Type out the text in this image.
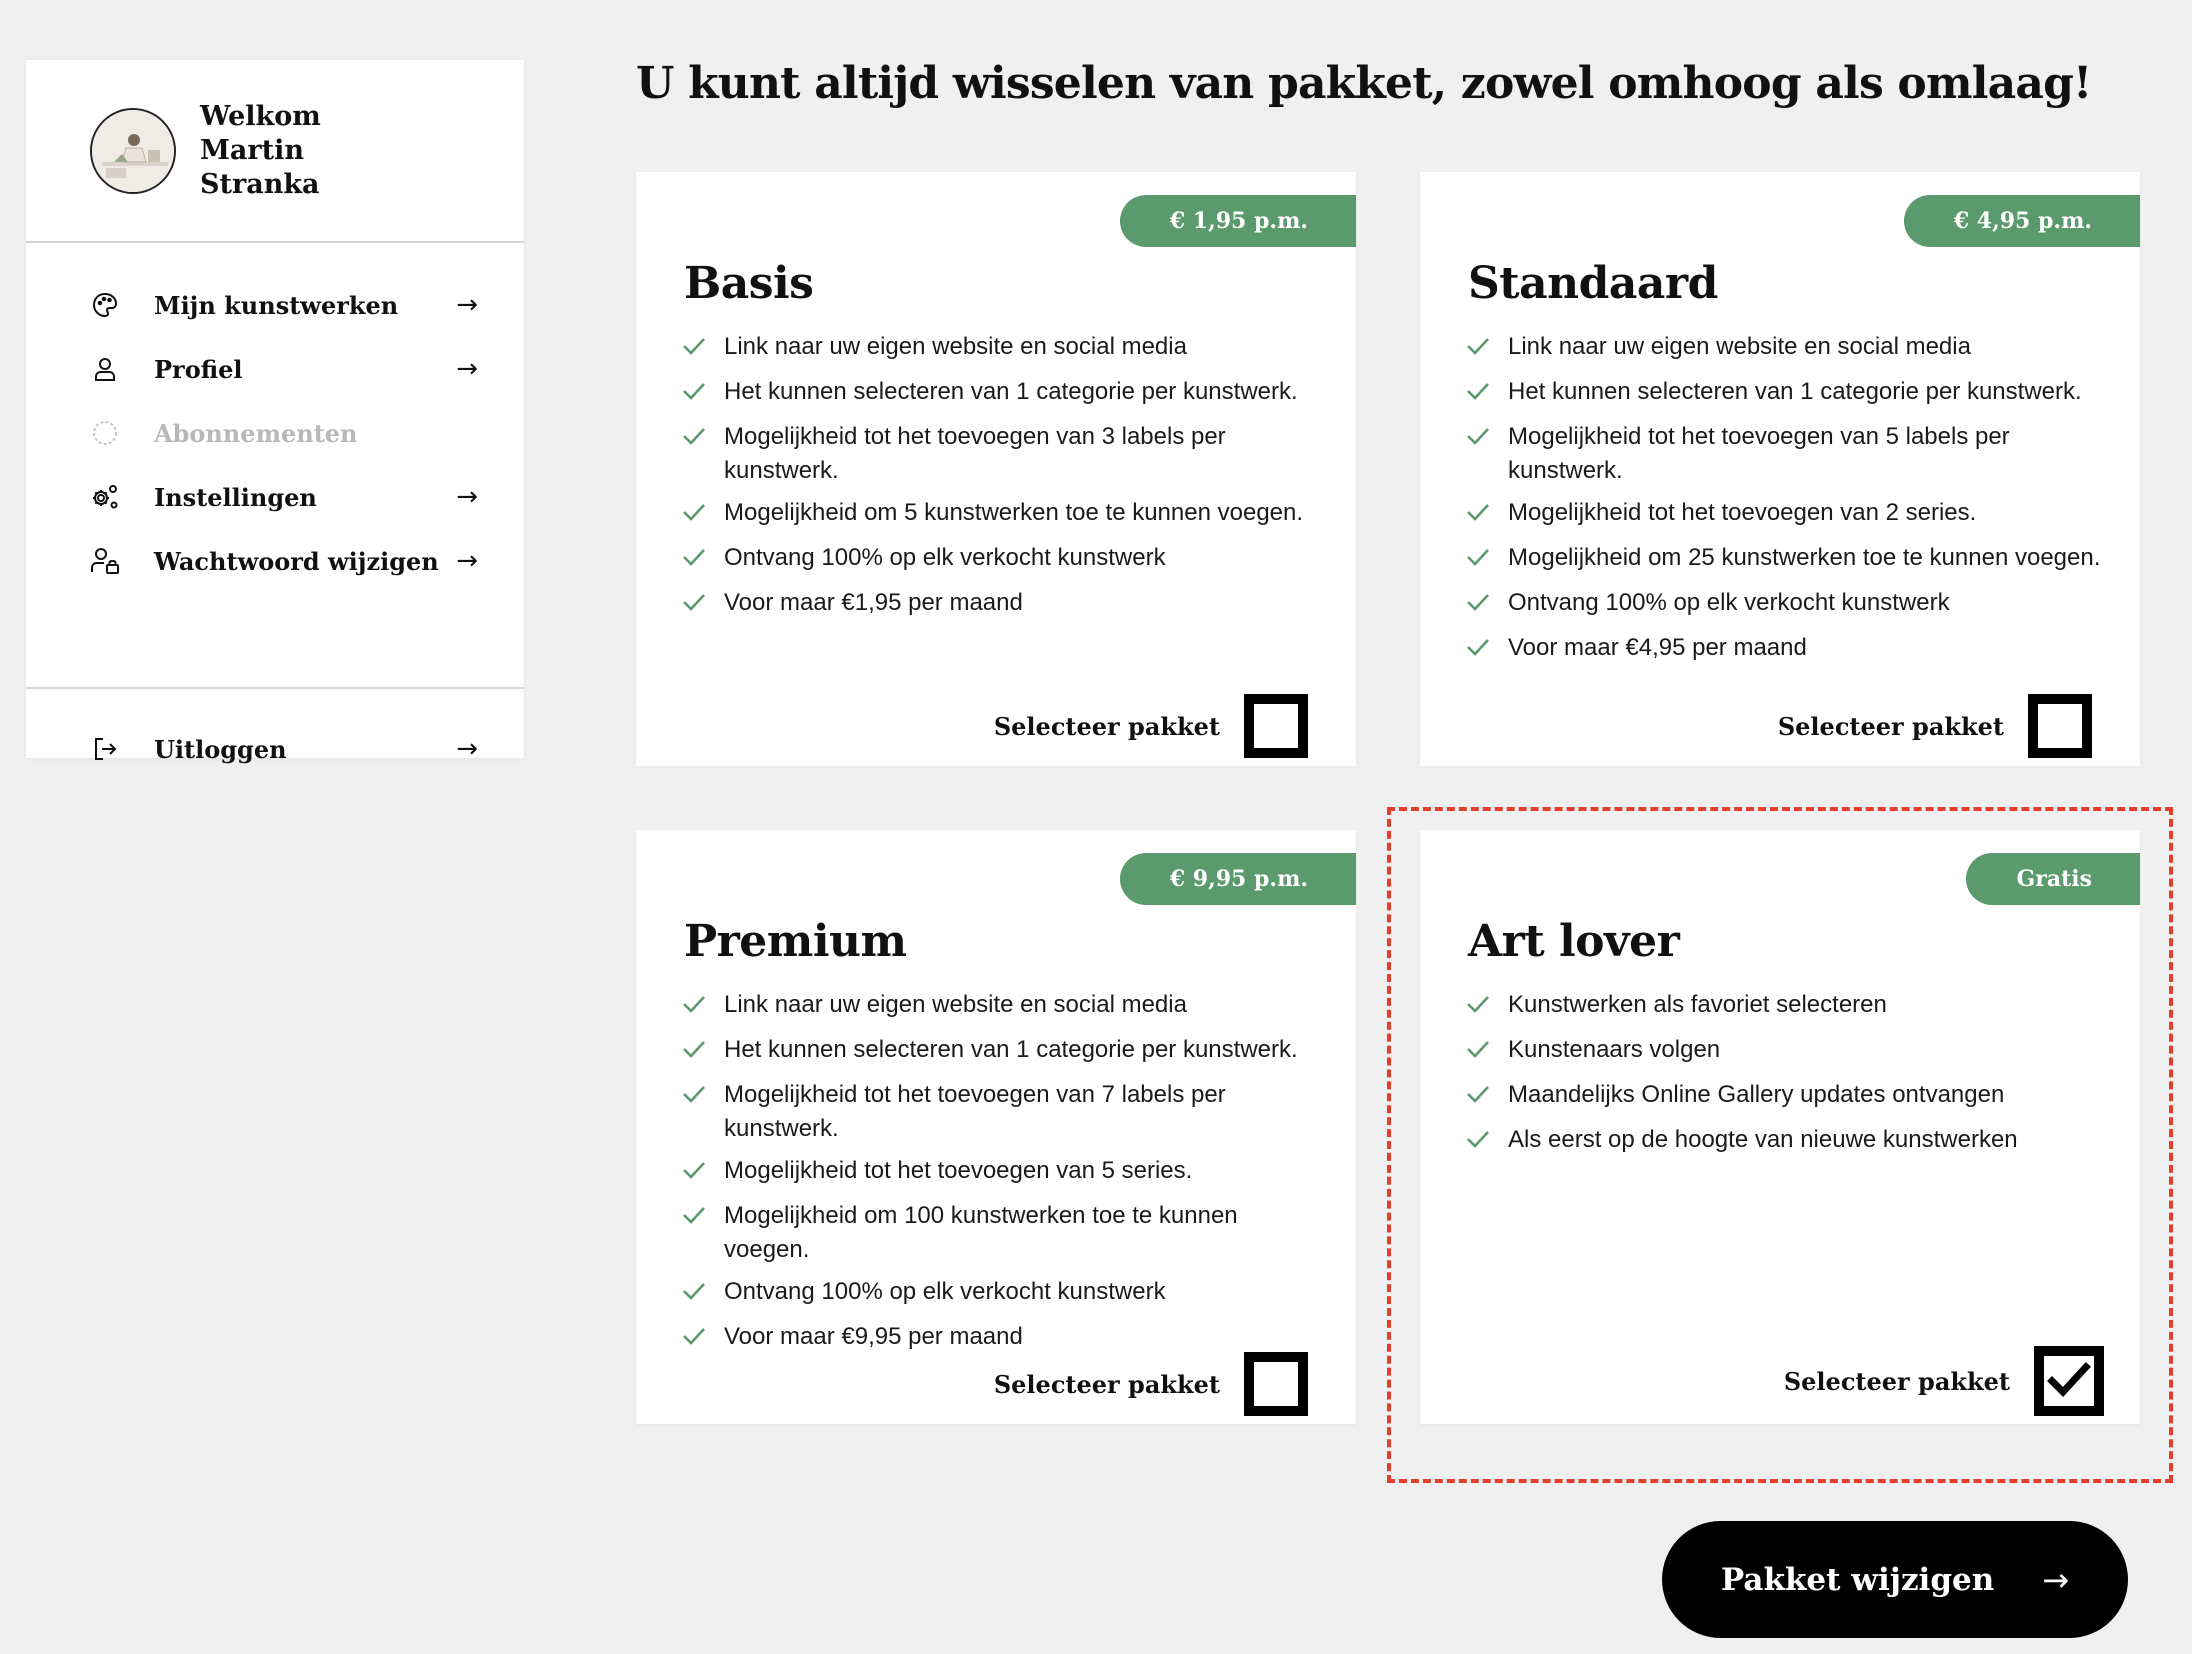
Welkom Martin Stranka
Mijn kunstwerken	→
Profiel	→
Abonnementen
Instellingen	→
Wachtwoord wijzigen →
Uitloggen	→
U kunt altijd wisselen van pakket, zowel omhoog als omlaag!
€ 1,95 p.m.
Basis
Link naar uw eigen website en social media
Het kunnen selecteren van 1 categorie per kunstwerk.
Mogelijkheid tot het toevoegen van 3 labels per kunstwerk.
Mogelijkheid om 5 kunstwerken toe te kunnen voegen.
Ontvang 100% op elk verkocht kunstwerk
Voor maar €1,95 per maand
Selecteer pakket
€ 4,95 p.m.
Standaard
Link naar uw eigen website en social media
Het kunnen selecteren van 1 categorie per kunstwerk.
Mogelijkheid tot het toevoegen van 5 labels per kunstwerk.
Mogelijkheid tot het toevoegen van 2 series.
Mogelijkheid om 25 kunstwerken toe te kunnen voegen.
Ontvang 100% op elk verkocht kunstwerk
Voor maar €4,95 per maand
Selecteer pakket
€ 9,95 p.m.
Premium
Link naar uw eigen website en social media
Het kunnen selecteren van 1 categorie per kunstwerk.
Mogelijkheid tot het toevoegen van 7 labels per kunstwerk.
Mogelijkheid tot het toevoegen van 5 series.
Mogelijkheid om 100 kunstwerken toe te kunnen voegen.
Ontvang 100% op elk verkocht kunstwerk
Voor maar €9,95 per maand
Selecteer pakket
Gratis
Art lover
Kunstwerken als favoriet selecteren
Kunstenaars volgen
Maandelijks Online Gallery updates ontvangen
Als eerst op de hoogte van nieuwe kunstwerken
Selecteer pakket
Pakket wijzigen →
